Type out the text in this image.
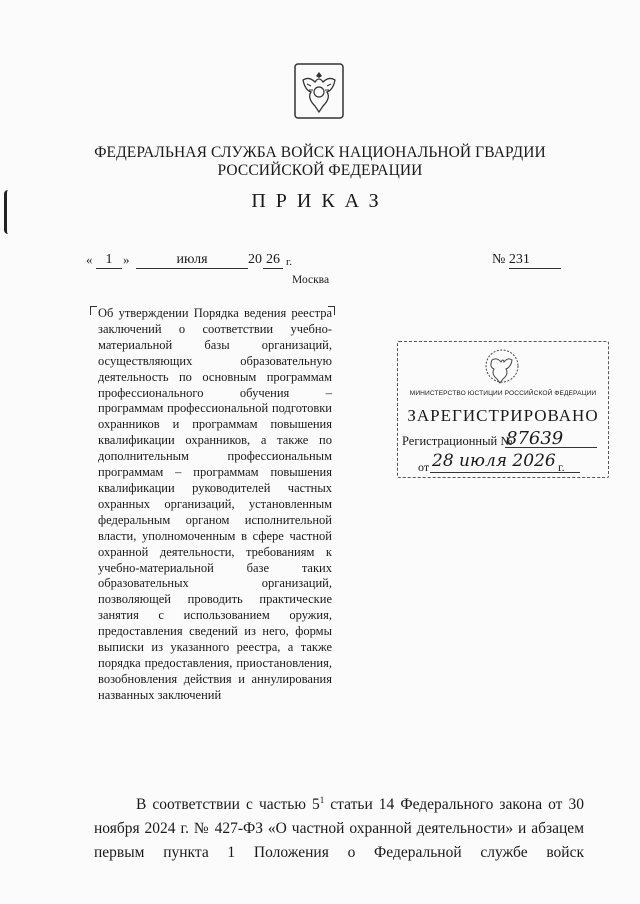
ФЕДЕРАЛЬНАЯ СЛУЖБА ВОЙСК НАЦИОНАЛЬНОЙ ГВАРДИИ
РОССИЙСКОЙ ФЕДЕРАЦИИ
ПРИКАЗ
« 1 »	июля	20 26 г.	№ 231
Москва
Об утверждении Порядка ведения реестра заключений о соответствии учебно-материальной базы организаций, осуществляющих образовательную деятельность по основным программам профессионального обучения – программам профессиональной подготовки охранников и программам повышения квалификации охранников, а также по дополнительным профессиональным программам – программам повышения квалификации руководителей частных охранных организаций, установленным федеральным органом исполнительной власти, уполномоченным в сфере частной охранной деятельности, требованиям к учебно-материальной базе таких образовательных организаций, позволяющей проводить практические занятия с использованием оружия, предоставления сведений из него, формы выписки из указанного реестра, а также порядка предоставления, приостановления, возобновления действия и аннулирования названных заключений
МИНИСТЕРСТВО ЮСТИЦИИ РОССИЙСКОЙ ФЕДЕРАЦИИ
ЗАРЕГИСТРИРОВАНО
Регистрационный №
87639
от 28 июля 2026 г.

В соответствии с частью $5^1$ статьи 14 Федерального закона от 30 ноября 2024 г. № 427-ФЗ «О частной охранной деятельности» и абзацем первым пункта 1 Положения о Федеральной службе войск
